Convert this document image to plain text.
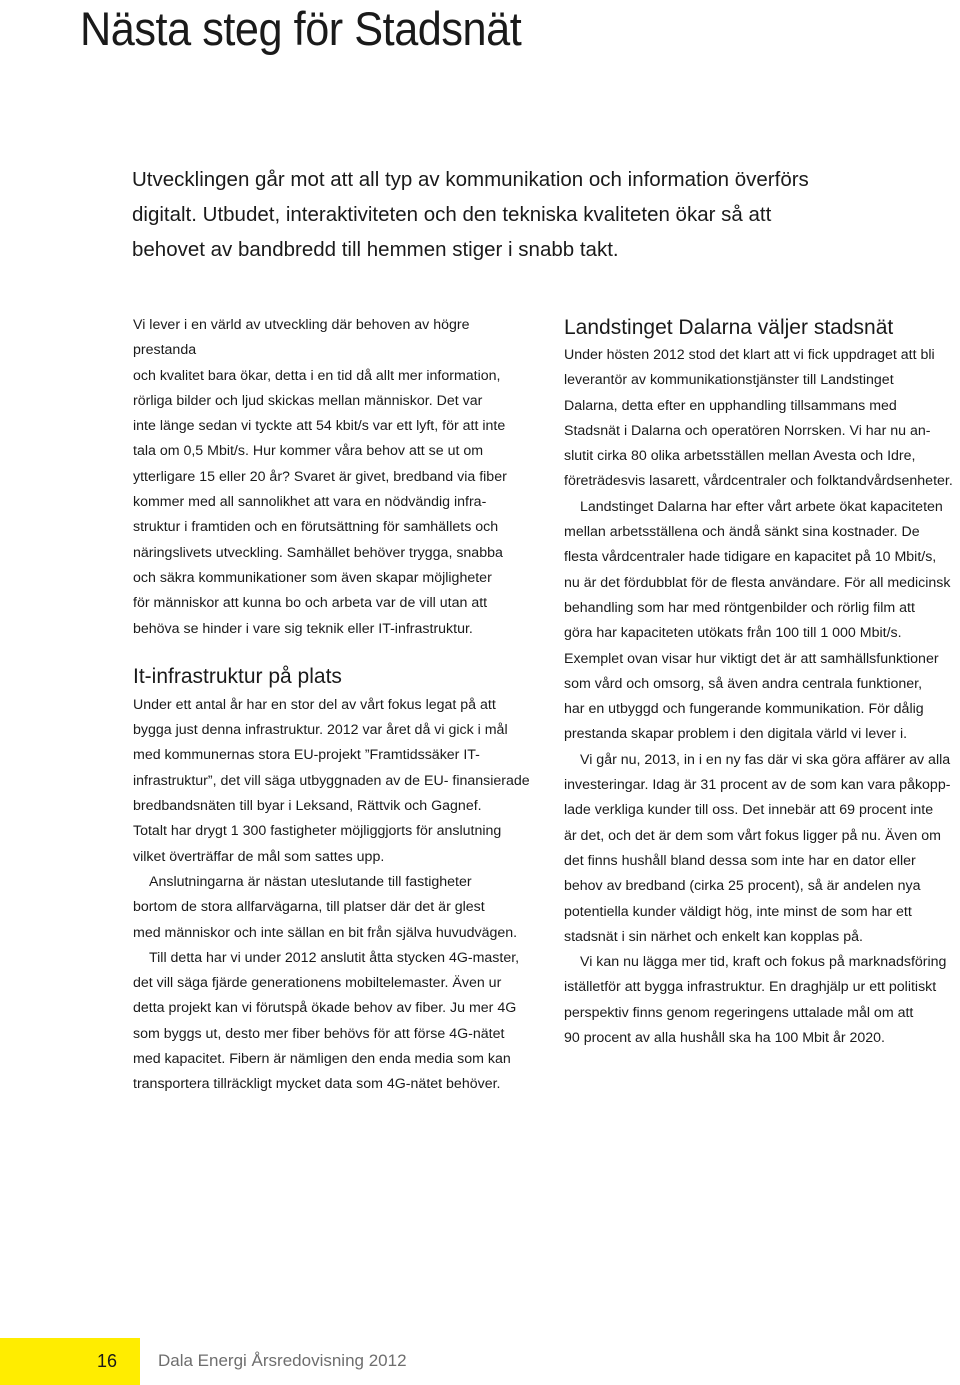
Nästa steg för Stadsnät

Utvecklingen går mot att all typ av kommunikation och information överförs digitalt. Utbudet, interaktiviteten och den tekniska kvaliteten ökar så att behovet av bandbredd till hemmen stiger i snabb takt.

Vi lever i en värld av utveckling där behoven av högre prestanda
och kvalitet bara ökar, detta i en tid då allt mer information,
rörliga bilder och ljud skickas mellan människor. Det var
inte länge sedan vi tyckte att 54 kbit/s var ett lyft, för att inte
tala om 0,5 Mbit/s. Hur kommer våra behov att se ut om
ytterligare 15 eller 20 år? Svaret är givet, bredband via fiber
kommer med all sannolikhet att vara en nödvändig infra-
struktur i framtiden och en förutsättning för samhällets och
näringslivets utveckling. Samhället behöver trygga, snabba
och säkra kommunikationer som även skapar möjligheter
för människor att kunna bo och arbeta var de vill utan att
behöva se hinder i vare sig teknik eller IT-infrastruktur.

It-infrastruktur på plats

Under ett antal år har en stor del av vårt fokus legat på att
bygga just denna infrastruktur. 2012 var året då vi gick i mål
med kommunernas stora EU-projekt ”Framtidssäker IT-
infrastruktur”, det vill säga utbyggnaden av de EU- finansierade
bredbandsnäten till byar i Leksand, Rättvik och Gagnef.
Totalt har drygt 1 300 fastigheter möjliggjorts för anslutning
vilket överträffar de mål som sattes upp.

Anslutningarna är nästan uteslutande till fastigheter
bortom de stora allfarvägarna, till platser där det är glest
med människor och inte sällan en bit från själva huvudvägen.

Till detta har vi under 2012 anslutit åtta stycken 4G-master,
det vill säga fjärde generationens mobiltelemaster. Även ur
detta projekt kan vi förutspå ökade behov av fiber. Ju mer 4G
som byggs ut, desto mer fiber behövs för att förse 4G-nätet
med kapacitet. Fibern är nämligen den enda media som kan
transportera tillräckligt mycket data som 4G-nätet behöver.

Landstinget Dalarna väljer stadsnät

Under hösten 2012 stod det klart att vi fick uppdraget att bli
leverantör av kommunikationstjänster till Landstinget
Dalarna, detta efter en upphandling tillsammans med
Stadsnät i Dalarna och operatören Norrsken. Vi har nu an-
slutit cirka 80 olika arbetsställen mellan Avesta och Idre,
företrädesvis lasarett, vårdcentraler och folktandvårdsenheter.

Landstinget Dalarna har efter vårt arbete ökat kapaciteten
mellan arbetsställena och ändå sänkt sina kostnader. De
flesta vårdcentraler hade tidigare en kapacitet på 10 Mbit/s,
nu är det fördubblat för de flesta användare. För all medicinsk
behandling som har med röntgenbilder och rörlig film att
göra har kapaciteten utökats från 100 till 1 000 Mbit/s.
Exemplet ovan visar hur viktigt det är att samhällsfunktioner
som vård och omsorg, så även andra centrala funktioner,
har en utbyggd och fungerande kommunikation. För dålig
prestanda skapar problem i den digitala värld vi lever i.

Vi går nu, 2013, in i en ny fas där vi ska göra affärer av alla
investeringar. Idag är 31 procent av de som kan vara påkopp-
lade verkliga kunder till oss. Det innebär att 69 procent inte
är det, och det är dem som vårt fokus ligger på nu. Även om
det finns hushåll bland dessa som inte har en dator eller
behov av bredband (cirka 25 procent), så är andelen nya
potentiella kunder väldigt hög, inte minst de som har ett
stadsnät i sin närhet och enkelt kan kopplas på.

Vi kan nu lägga mer tid, kraft och fokus på marknadsföring
iställetför att bygga infrastruktur. En draghjälp ur ett politiskt
perspektiv finns genom regeringens uttalade mål om att
90 procent av alla hushåll ska ha 100 Mbit år 2020.

16 Dala Energi Årsredovisning 2012
